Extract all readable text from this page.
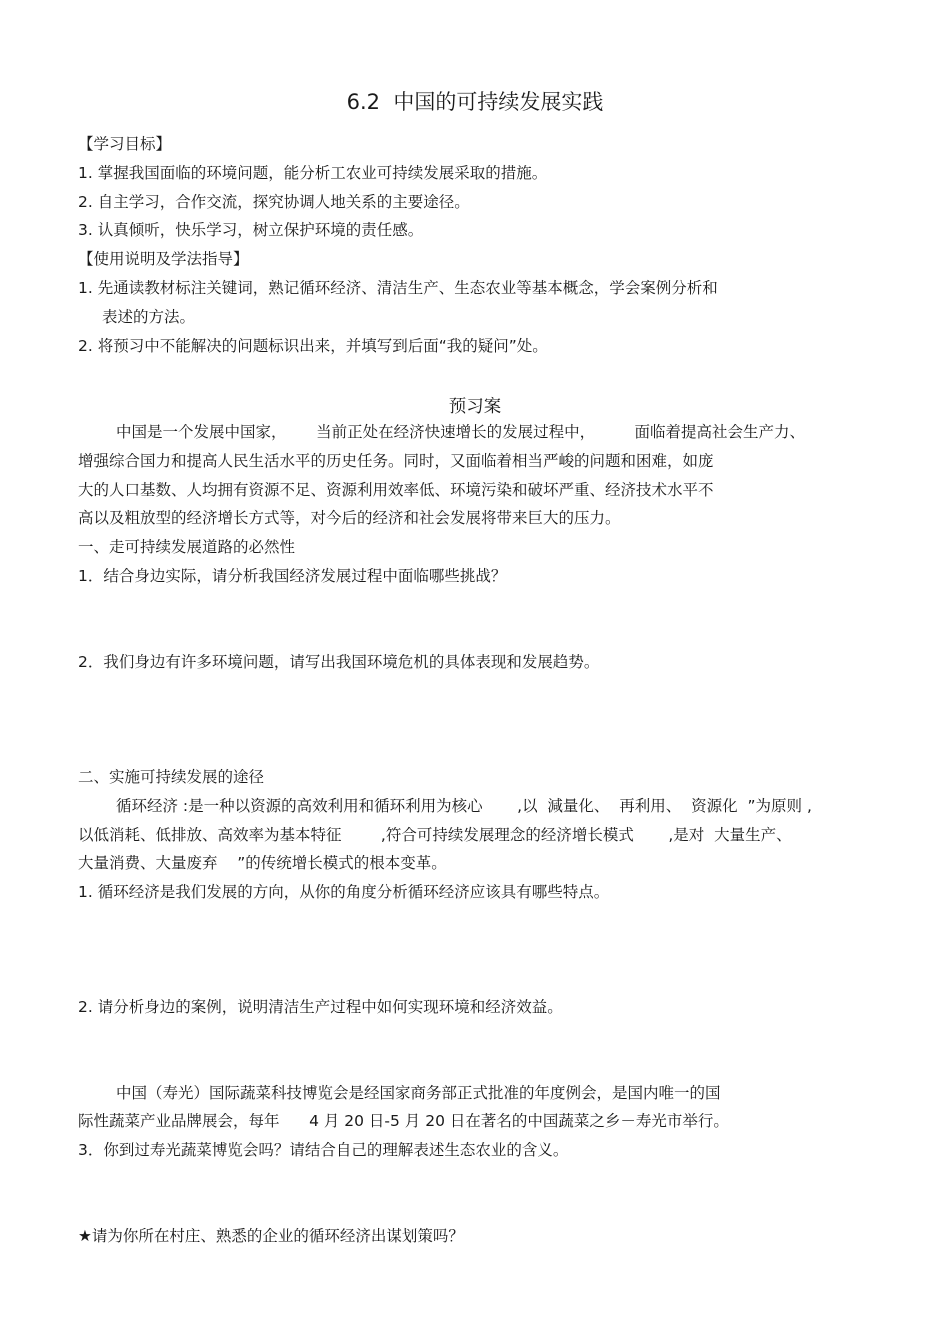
6.2  中国的可持续发展实践
【学习目标】
1. 掌握我国面临的环境问题，能分析工农业可持续发展采取的措施。
2. 自主学习，合作交流，探究协调人地关系的主要途径。
3. 认真倾听，快乐学习，树立保护环境的责任感。
【使用说明及学法指导】
1. 先通读教材标注关键词，熟记循环经济、清洁生产、生态农业等基本概念，学会案例分析和
表述的方法。
2. 将预习中不能解决的问题标识出来，并填写到后面“我的疑问”处。
预习案
中国是一个发展中国家，      当前正处在经济快速增长的发展过程中，        面临着提高社会生产力、
增强综合国力和提高人民生活水平的历史任务。同时，又面临着相当严峻的问题和困难，如庞
大的人口基数、人均拥有资源不足、资源利用效率低、环境污染和破坏严重、经济技术水平不
高以及粗放型的经济增长方式等，对今后的经济和社会发展将带来巨大的压力。
一、走可持续发展道路的必然性
1．结合身边实际，请分析我国经济发展过程中面临哪些挑战？
2．我们身边有许多环境问题，请写出我国环境危机的具体表现和发展趋势。
二、实施可持续发展的途径
循环经济 :是一种以资源的高效利用和循环利用为核心       ,以  減量化、  再利用、  资源化  ”为原则 ,
以低消耗、低排放、高效率为基本特征        ,符合可持续发展理念的经济增长模式       ,是对  大量生产、
大量消费、大量废弃    ”的传统增长模式的根本变革。
1. 循环经济是我们发展的方向，从你的角度分析循环经济应该具有哪些特点。
2. 请分析身边的案例，说明清洁生产过程中如何实现环境和经济效益。
中国（寿光）国际蔬菜科技博览会是经国家商务部正式批准的年度例会，是国内唯一的国
际性蔬菜产业品牌展会，每年      4 月 20 日-5 月 20 日在著名的中国蔬菜之乡－寿光市举行。
3．你到过寿光蔬菜博览会吗？请结合自己的理解表述生态农业的含义。
★请为你所在村庄、熟悉的企业的循环经济出谋划策吗？
